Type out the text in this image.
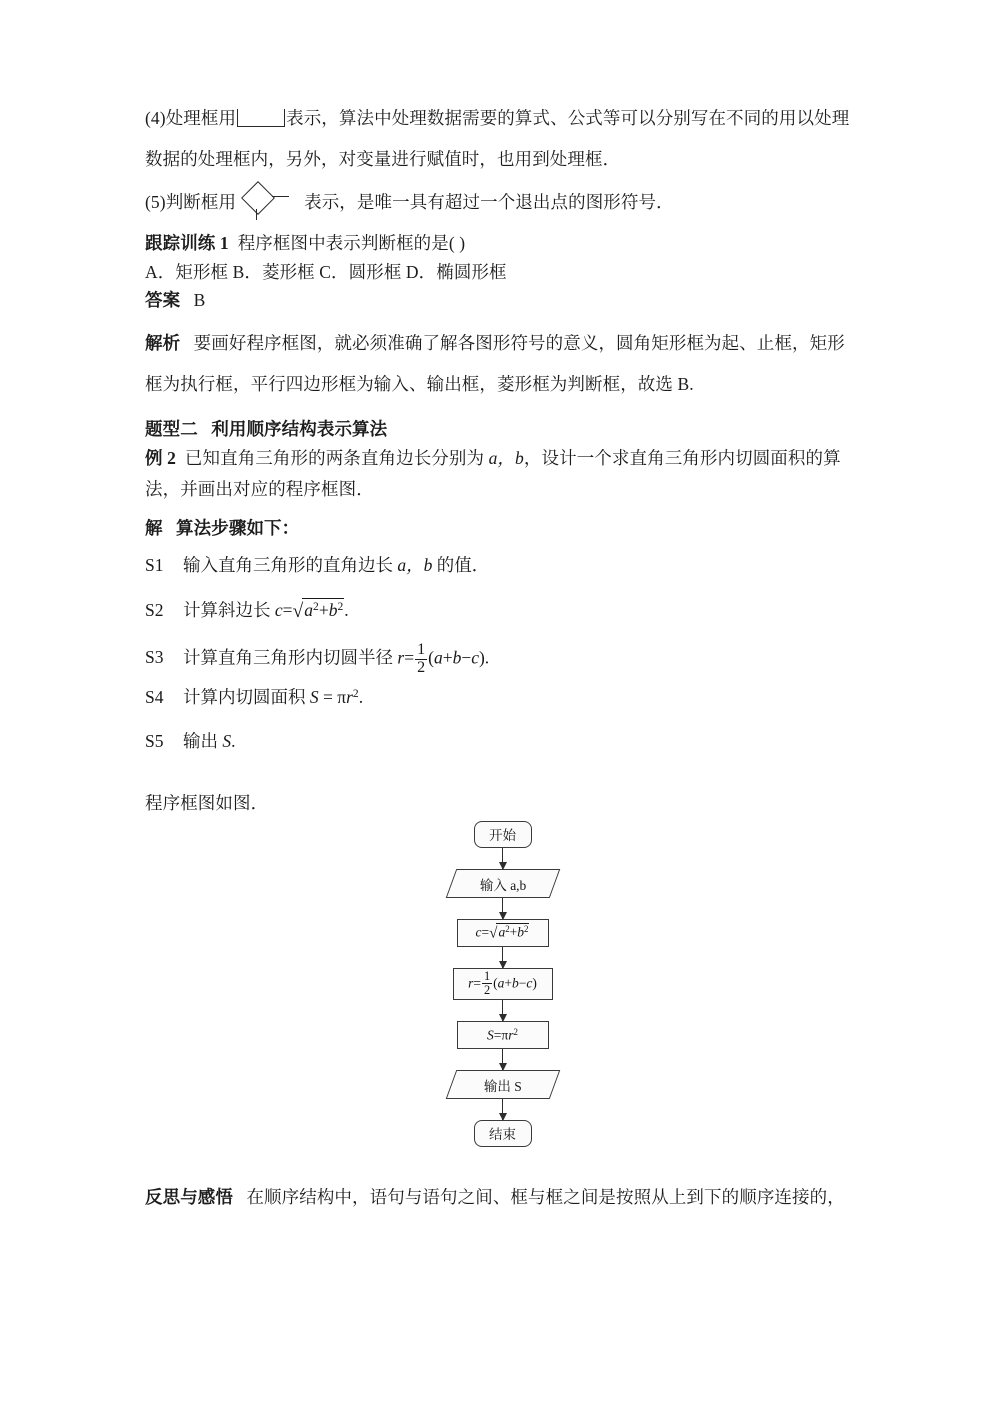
(4)处理框用	表示，算法中处理数据需要的算式、公式等可以分别写在不同的用以处理
数据的处理框内，另外，对变量进行赋值时，也用到处理框．
(5)判断框用	表示，是唯一具有超过一个退出点的图形符号．
跟踪训练 1 程序框图中表示判断框的是( )
A．矩形框 B．菱形框 C．圆形框 D．椭圆形框
答案 B
解析 要画好程序框图，就必须准确了解各图形符号的意义，圆角矩形框为起、止框，矩形
框为执行框，平行四边形框为输入、输出框，菱形框为判断框，故选 B.
题型二 利用顺序结构表示算法
例 2 已知直角三角形的两条直角边长分别为 a，b，设计一个求直角三角形内切圆面积的算
法，并画出对应的程序框图．
解 算法步骤如下：
S1	输入直角三角形的直角边长 a，b 的值．
S2	计算斜边长 $c=√a^2+b^2$.
S3	计算直角三角形内切圆半径 $r= \frac{1}{2} (a+b-c)$.
S4	计算内切圆面积 $S = \pi r^2$.
S5	输出 S.
程序框图如图．
开始
输入 a,b
$c=√a^2+b^2$
$r= \frac{1}{2} (a+b-c)$
$S=\pi r^2$
输出 S
结束
反思与感悟 在顺序结构中，语句与语句之间、框与框之间是按照从上到下的顺序连接的，
